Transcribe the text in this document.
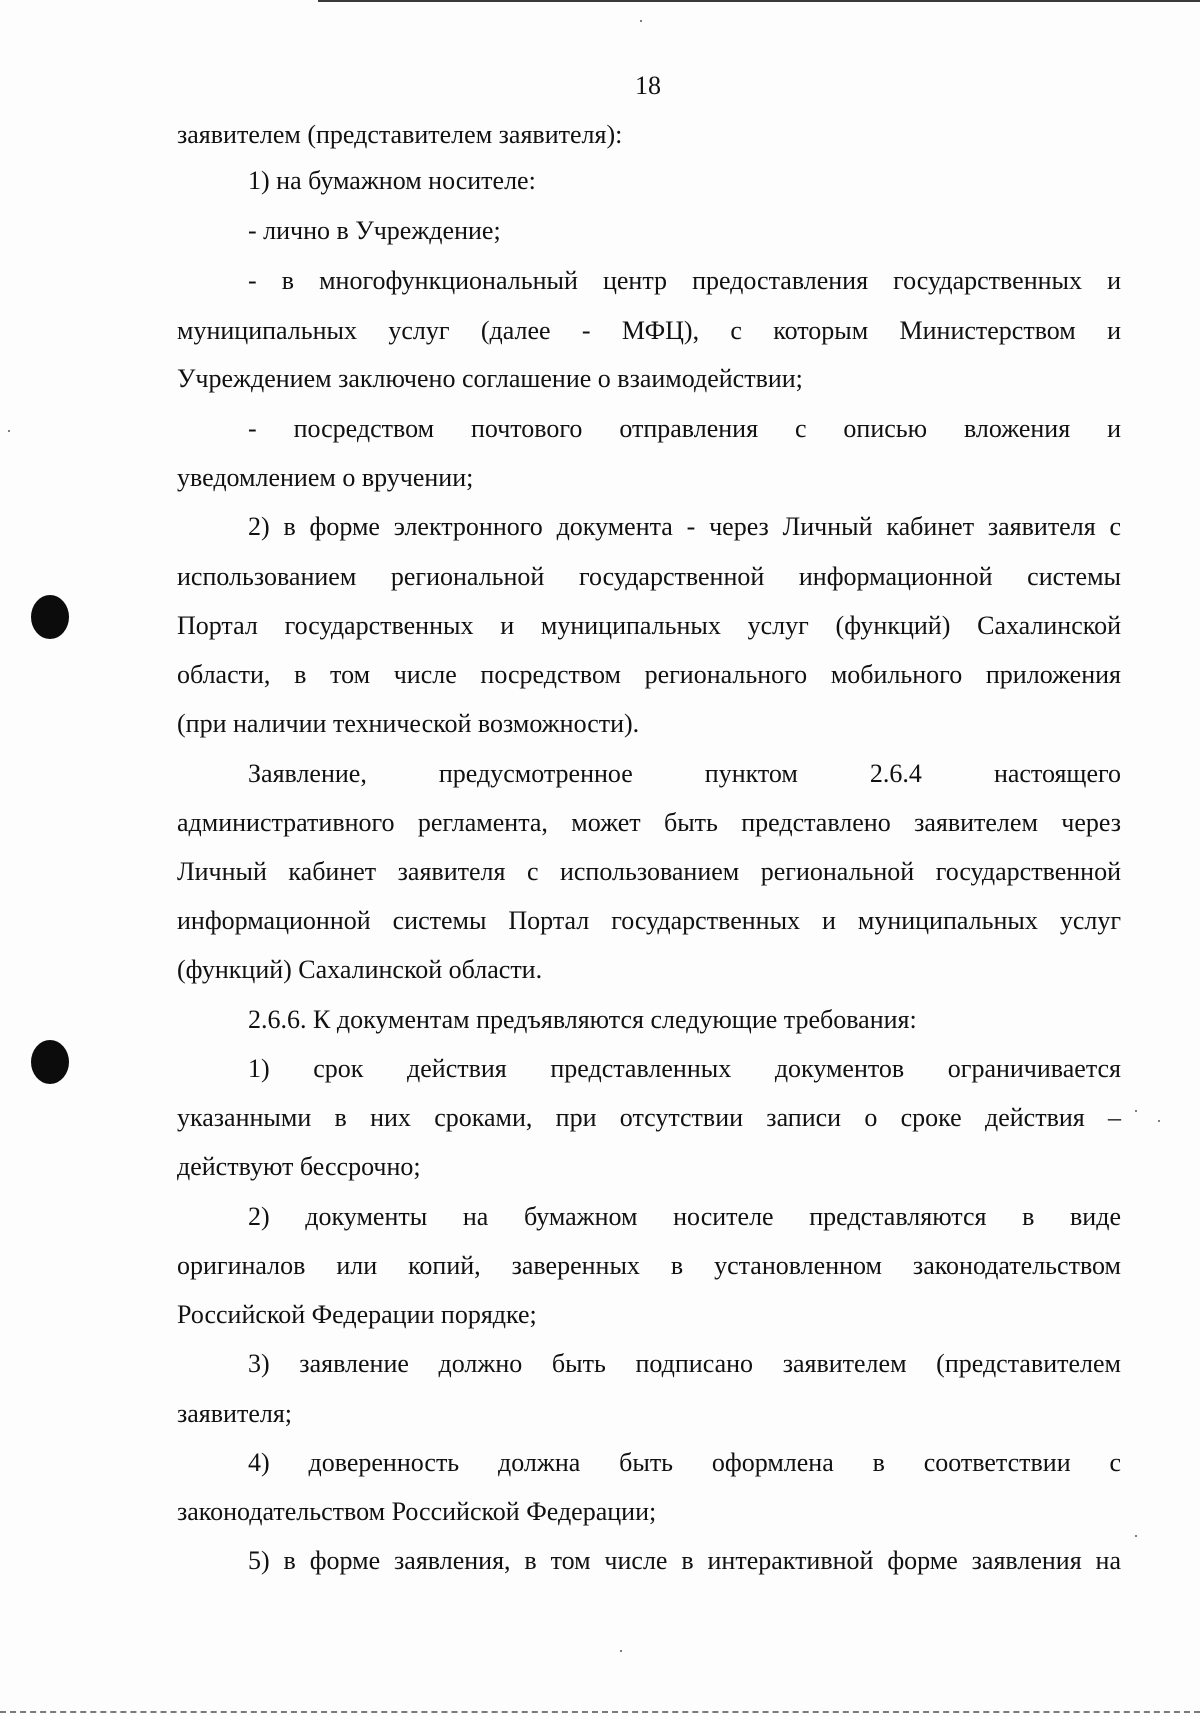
18
заявителем (представителем заявителя):
1) на бумажном носителе:
- лично в Учреждение;
- в многофункциональный центр предоставления государственных и
муниципальных услуг (далее - МФЦ), с которым Министерством и
Учреждением заключено соглашение о взаимодействии;
- посредством почтового отправления с описью вложения и
уведомлением о вручении;
2) в форме электронного документа - через Личный кабинет заявителя с
использованием региональной государственной информационной системы
Портал государственных и муниципальных услуг (функций) Сахалинской
области, в том числе посредством регионального мобильного приложения
(при наличии технической возможности).
Заявление, предусмотренное пунктом 2.6.4 настоящего
административного регламента, может быть представлено заявителем через
Личный кабинет заявителя с использованием региональной государственной
информационной системы Портал государственных и муниципальных услуг
(функций) Сахалинской области.
2.6.6. К документам предъявляются следующие требования:
1) срок действия представленных документов ограничивается
указанными в них сроками, при отсутствии записи о сроке действия –
действуют бессрочно;
2) документы на бумажном носителе представляются в виде
оригиналов или копий, заверенных в установленном законодательством
Российской Федерации порядке;
3) заявление должно быть подписано заявителем (представителем
заявителя;
4) доверенность должна быть оформлена в соответствии с
законодательством Российской Федерации;
5) в форме заявления, в том числе в интерактивной форме заявления на
